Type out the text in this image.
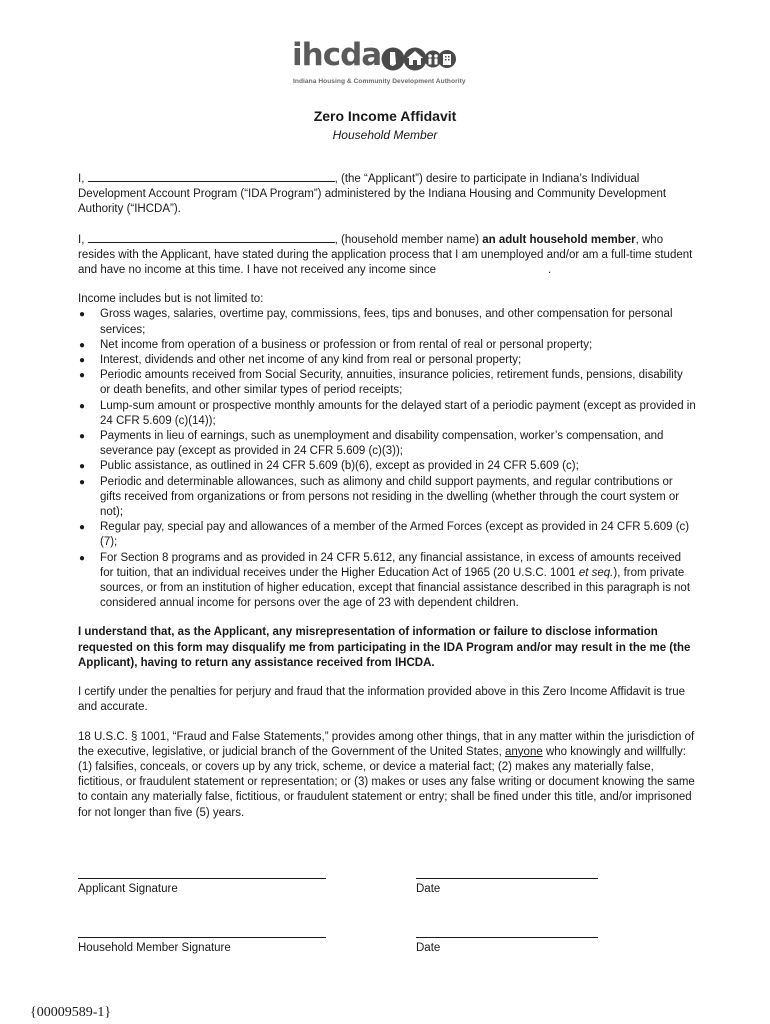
ihcda
Indiana Housing & Community Development Authority
Zero Income Affidavit
Household Member

I,	, (the “Applicant”) desire to participate in Indiana’s Individual Development Account Program (“IDA Program”) administered by the Indiana Housing and Community Development Authority (“IHCDA”).

I,	, (household member name) an adult household member, who resides with the Applicant, have stated during the application process that I am unemployed and/or am a full-time student and have no income at this time. I have not received any income since	.

Income includes but is not limited to:
● Gross wages, salaries, overtime pay, commissions, fees, tips and bonuses, and other compensation for personal services;
● Net income from operation of a business or profession or from rental of real or personal property;
● Interest, dividends and other net income of any kind from real or personal property;
● Periodic amounts received from Social Security, annuities, insurance policies, retirement funds, pensions, disability or death benefits, and other similar types of period receipts;
● Lump-sum amount or prospective monthly amounts for the delayed start of a periodic payment (except as provided in 24 CFR 5.609 (c)(14));
● Payments in lieu of earnings, such as unemployment and disability compensation, worker’s compensation, and severance pay (except as provided in 24 CFR 5.609 (c)(3));
● Public assistance, as outlined in 24 CFR 5.609 (b)(6), except as provided in 24 CFR 5.609 (c);
● Periodic and determinable allowances, such as alimony and child support payments, and regular contributions or gifts received from organizations or from persons not residing in the dwelling (whether through the court system or not);
● Regular pay, special pay and allowances of a member of the Armed Forces (except as provided in 24 CFR 5.609 (c)(7);
● For Section 8 programs and as provided in 24 CFR 5.612, any financial assistance, in excess of amounts received for tuition, that an individual receives under the Higher Education Act of 1965 (20 U.S.C. 1001 et seq.), from private sources, or from an institution of higher education, except that financial assistance described in this paragraph is not considered annual income for persons over the age of 23 with dependent children.

I understand that, as the Applicant, any misrepresentation of information or failure to disclose information requested on this form may disqualify me from participating in the IDA Program and/or may result in the me (the Applicant), having to return any assistance received from IHCDA.

I certify under the penalties for perjury and fraud that the information provided above in this Zero Income Affidavit is true and accurate.

18 U.S.C. § 1001, “Fraud and False Statements,” provides among other things, that in any matter within the jurisdiction of the executive, legislative, or judicial branch of the Government of the United States, anyone who knowingly and willfully: (1) falsifies, conceals, or covers up by any trick, scheme, or device a material fact; (2) makes any materially false, fictitious, or fraudulent statement or representation; or (3) makes or uses any false writing or document knowing the same to contain any materially false, fictitious, or fraudulent statement or entry; shall be fined under this title, and/or imprisoned for not longer than five (5) years.

Applicant Signature	Date
Household Member Signature	Date
{00009589-1}
